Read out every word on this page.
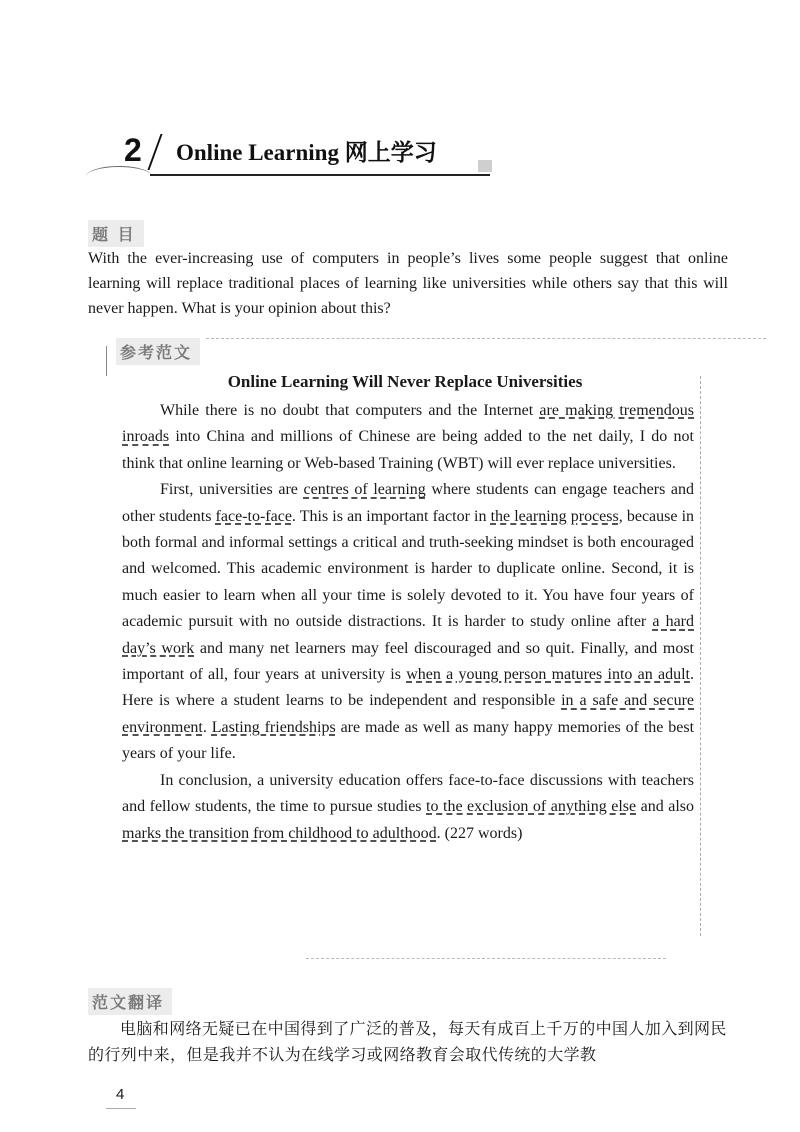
2 Online Learning 网上学习
题 目

With the ever-increasing use of computers in people’s lives some people suggest that online learning will replace traditional places of learning like universities while others say that this will never happen. What is your opinion about this?

参考范文
Online Learning Will Never Replace Universities

While there is no doubt that computers and the Internet are making tremendous inroads into China and millions of Chinese are being added to the net daily, I do not think that online learning or Web-based Training (WBT) will ever replace universities.

First, universities are centres of learning where students can engage teachers and other students face-to-face. This is an important factor in the learning process, because in both formal and informal settings a critical and truth-seeking mindset is both encouraged and welcomed. This academic environment is harder to duplicate online. Second, it is much easier to learn when all your time is solely devoted to it. You have four years of academic pursuit with no outside distractions. It is harder to study online after a hard day’s work and many net learners may feel discouraged and so quit. Finally, and most important of all, four years at university is when a young person matures into an adult. Here is where a student learns to be independent and responsible in a safe and secure environment. Lasting friendships are made as well as many happy memories of the best years of your life.

In conclusion, a university education offers face-to-face discussions with teachers and fellow students, the time to pursue studies to the exclusion of anything else and also marks the transition from childhood to adulthood. (227 words)

范文翻译

电脑和网络无疑已在中国得到了广泛的普及，每天有成百上千万的中国人加入到网民的行列中来，但是我并不认为在线学习或网络教育会取代传统的大学教

4
